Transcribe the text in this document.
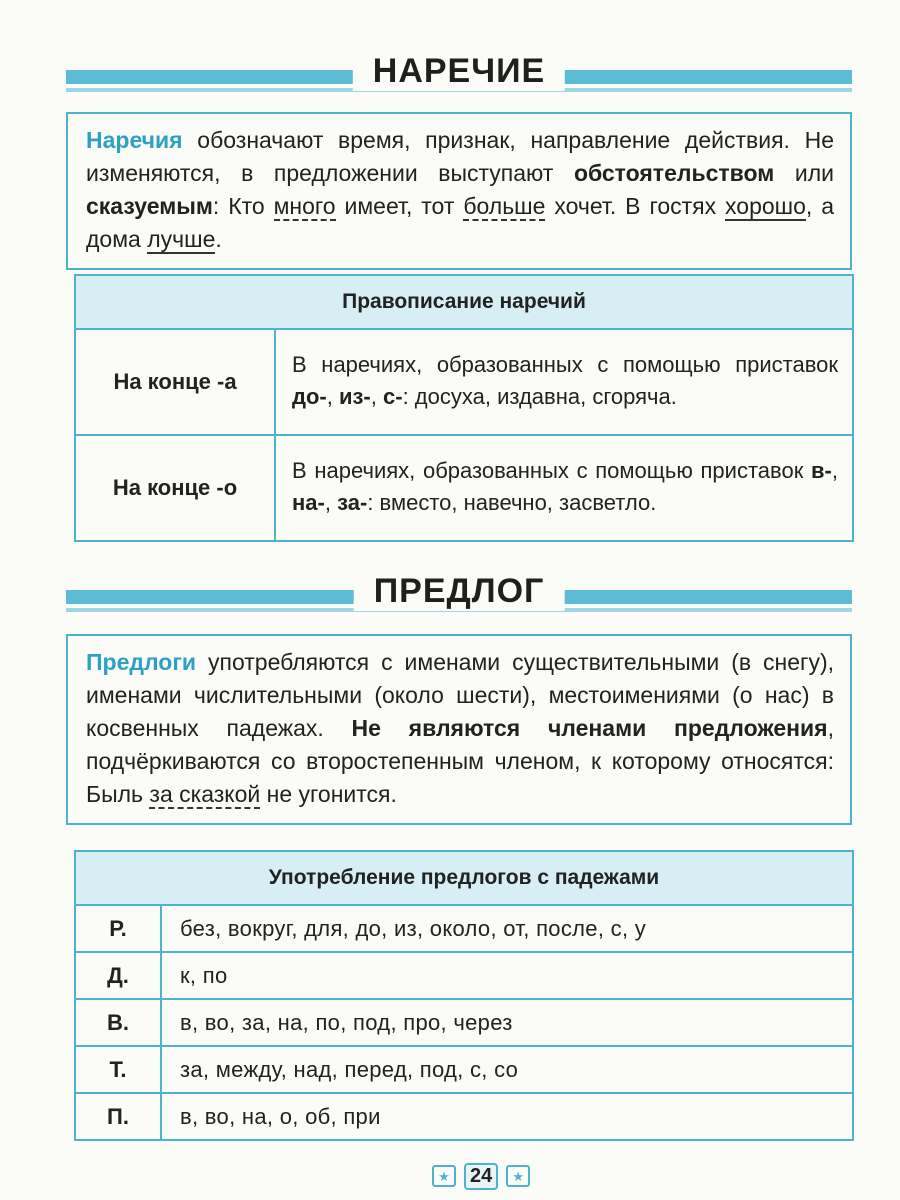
НАРЕЧИЕ
Наречия обозначают время, признак, направление действия. Не изменяются, в предложении выступают обстоятельством или сказуемым: Кто много имеет, тот больше хочет. В гостях хорошо, а дома лучше.
Правописание наречий	
На конце -а	В наречиях, образованных с помощью приставок до-, из-, с-: досуха, издавна, сгоряча.
На конце -о	В наречиях, образованных с помощью приставок в-, на-, за-: вместо, навечно, засветло.
ПРЕДЛОГ
Предлоги употребляются с именами существительными (в снегу), именами числительными (около шести), местоимениями (о нас) в косвенных падежах. Не являются членами предложения, подчёркиваются со второстепенным членом, к которому относятся: Быль за сказкой не угонится.
Употребление предлогов с падежами	
Р.	без, вокруг, для, до, из, около, от, после, с, у
Д.	к, по
В.	в, во, за, на, по, под, про, через
Т.	за, между, над, перед, под, с, со
П.	в, во, на, о, об, при
★	24	★
